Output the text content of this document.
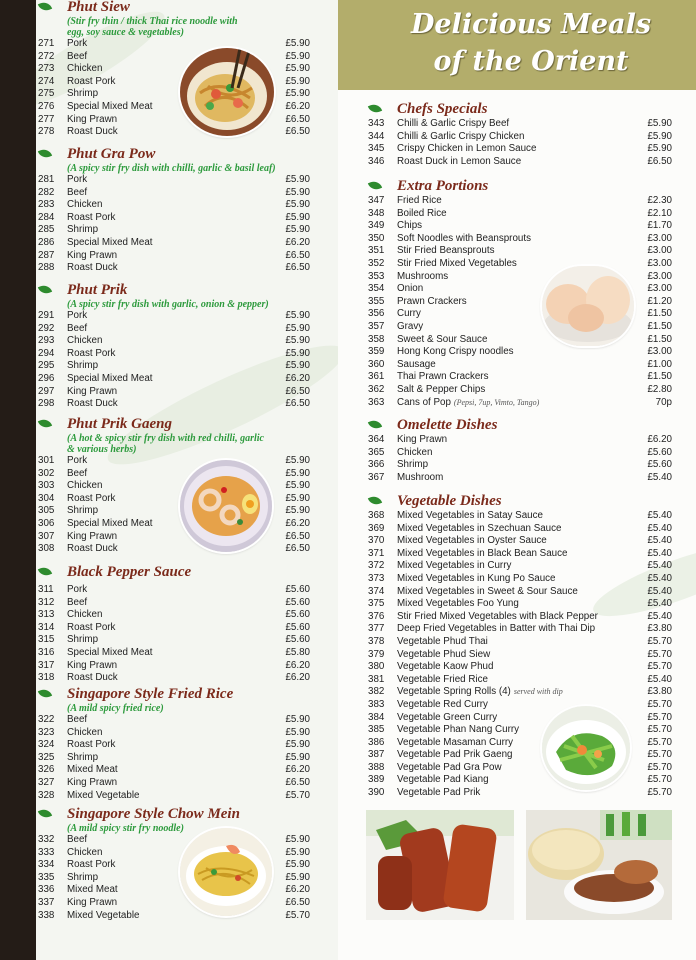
Phut Siew
(Stir fry thin / thick Thai rice noodle with egg, soy sauce & vegetables)
271	Pork	£5.90
272	Beef	£5.90
273	Chicken	£5.90
274	Roast Pork	£5.90
275	Shrimp	£5.90
276	Special Mixed Meat	£6.20
277	King Prawn	£6.50
278	Roast Duck	£6.50
Phut Gra Pow
(A spicy stir fry dish with chilli, garlic & basil leaf)
281	Pork	£5.90
282	Beef	£5.90
283	Chicken	£5.90
284	Roast Pork	£5.90
285	Shrimp	£5.90
286	Special Mixed Meat	£6.20
287	King Prawn	£6.50
288	Roast Duck	£6.50
Phut Prik
(A spicy stir fry dish with garlic, onion & pepper)
291	Pork	£5.90
292	Beef	£5.90
293	Chicken	£5.90
294	Roast Pork	£5.90
295	Shrimp	£5.90
296	Special Mixed Meat	£6.20
297	King Prawn	£6.50
298	Roast Duck	£6.50
Phut Prik Gaeng
(A hot & spicy stir fry dish with red chilli, garlic & various herbs)
301	Pork	£5.90
302	Beef	£5.90
303	Chicken	£5.90
304	Roast Pork	£5.90
305	Shrimp	£5.90
306	Special Mixed Meat	£6.20
307	King Prawn	£6.50
308	Roast Duck	£6.50
Black Pepper Sauce
311	Pork	£5.60
312	Beef	£5.60
313	Chicken	£5.60
314	Roast Pork	£5.60
315	Shrimp	£5.60
316	Special Mixed Meat	£5.80
317	King Prawn	£6.20
318	Roast Duck	£6.20
Singapore Style Fried Rice
(A mild spicy fried rice)
322	Beef	£5.90
323	Chicken	£5.90
324	Roast Pork	£5.90
325	Shrimp	£5.90
326	Mixed Meat	£6.20
327	King Prawn	£6.50
328	Mixed Vegetable	£5.70
Singapore Style Chow Mein
(A mild spicy stir fry noodle)
332	Beef	£5.90
333	Chicken	£5.90
334	Roast Pork	£5.90
335	Shrimp	£5.90
336	Mixed Meat	£6.20
337	King Prawn	£6.50
338	Mixed Vegetable	£5.70
Delicious Meals
of the Orient
Chefs Specials
343	Chilli & Garlic Crispy Beef	£5.90
344	Chilli & Garlic Crispy Chicken	£5.90
345	Crispy Chicken in Lemon Sauce	£5.90
346	Roast Duck in Lemon Sauce	£6.50
Extra Portions
347	Fried Rice	£2.30
348	Boiled Rice	£2.10
349	Chips	£1.70
350	Soft Noodles with Beansprouts	£3.00
351	Stir Fried Beansprouts	£3.00
352	Stir Fried Mixed Vegetables	£3.00
353	Mushrooms	£3.00
354	Onion	£3.00
355	Prawn Crackers	£1.20
356	Curry	£1.50
357	Gravy	£1.50
358	Sweet & Sour Sauce	£1.50
359	Hong Kong Crispy noodles	£3.00
360	Sausage	£1.00
361	Thai Prawn Crackers	£1.50
362	Salt & Pepper Chips	£2.80
363	Cans of Pop (Pepsi, 7up, Vimto, Tango)	70p
Omelette Dishes
364	King Prawn	£6.20
365	Chicken	£5.60
366	Shrimp	£5.60
367	Mushroom	£5.40
Vegetable Dishes
368	Mixed Vegetables in Satay Sauce	£5.40
369	Mixed Vegetables in Szechuan Sauce	£5.40
370	Mixed Vegetables in Oyster Sauce	£5.40
371	Mixed Vegetables in Black Bean Sauce	£5.40
372	Mixed Vegetables in Curry	£5.40
373	Mixed Vegetables in Kung Po Sauce	£5.40
374	Mixed Vegetables in Sweet & Sour Sauce	£5.40
375	Mixed Vegetables Foo Yung	£5.40
376	Stir Fried Mixed Vegetables with Black Pepper	£5.40
377	Deep Fried Vegetables in Batter with Thai Dip	£3.80
378	Vegetable Phud Thai	£5.70
379	Vegetable Phud Siew	£5.70
380	Vegetable Kaow Phud	£5.70
381	Vegetable Fried Rice	£5.40
382	Vegetable Spring Rolls (4) served with dip	£3.80
383	Vegetable Red Curry	£5.70
384	Vegetable Green Curry	£5.70
385	Vegetable Phan Nang Curry	£5.70
386	Vegetable Masaman Curry	£5.70
387	Vegetable Pad Prik Gaeng	£5.70
388	Vegetable Pad Gra Pow	£5.70
389	Vegetable Pad Kiang	£5.70
390	Vegetable Pad Prik	£5.70
